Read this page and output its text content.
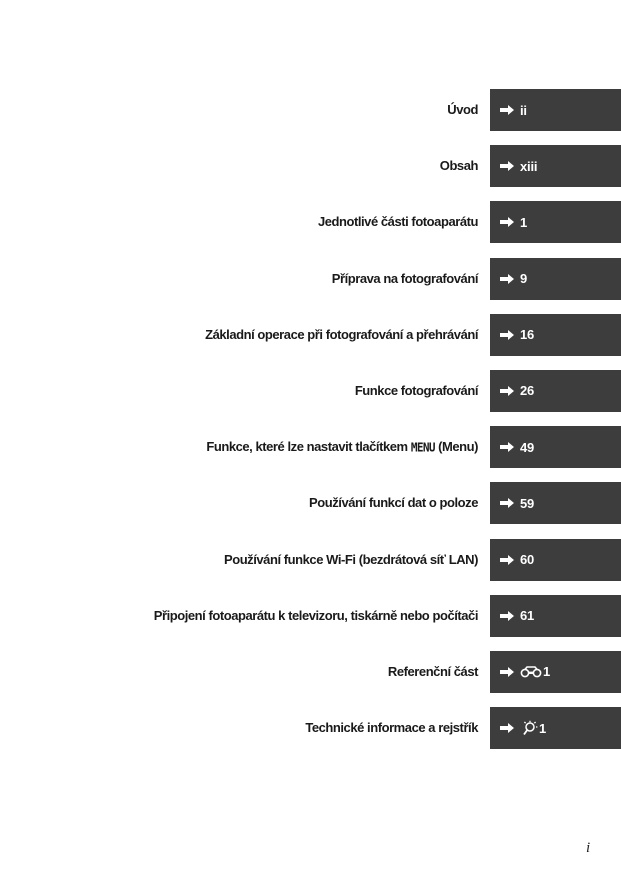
Úvod	ii
Obsah	xiii
Jednotlivé části fotoaparátu	1
Příprava na fotografování	9
Základní operace při fotografování a přehrávání	16
Funkce fotografování	26
Funkce, které lze nastavit tlačítkem MENU (Menu)	49
Používání funkcí dat o poloze	59
Používání funkce Wi-Fi (bezdrátová síť LAN)	60
Připojení fotoaparátu k televizoru, tiskárně nebo počítači	61
Referenční část	1
Technické informace a rejstřík	1
i
